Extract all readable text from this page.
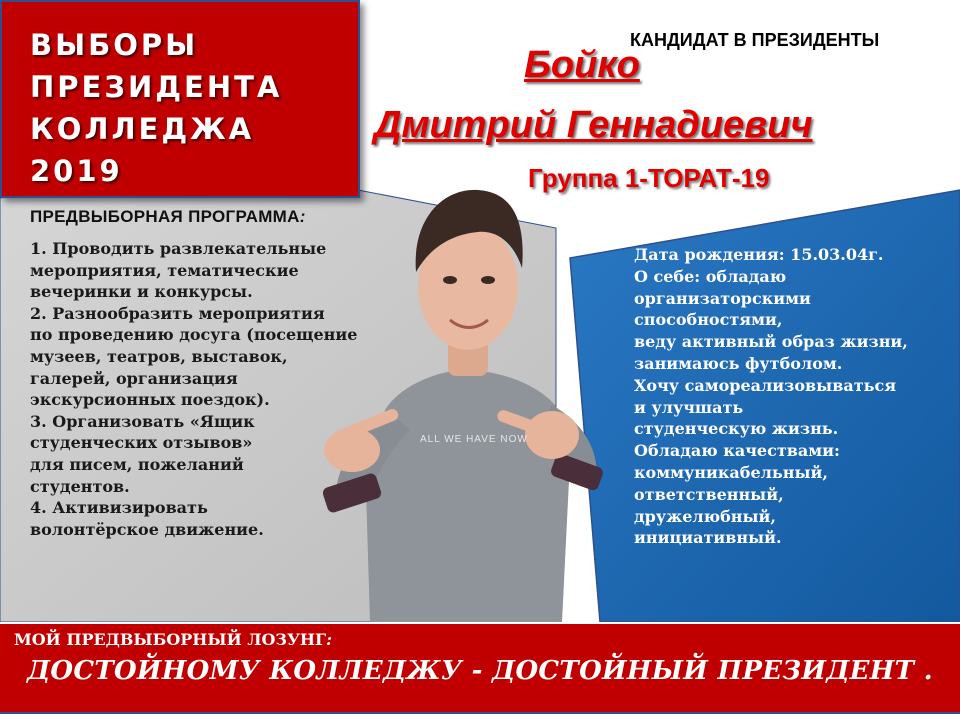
ВЫБОРЫ
ПРЕЗИДЕНТА
КОЛЛЕДЖА
2019
КАНДИДАТ В ПРЕЗИДЕНТЫ
Бойко
Дмитрий Геннадиевич
Группа 1-ТОРАТ-19
ПРЕДВЫБОРНАЯ ПРОГРАММА:
1. Проводить развлекательные
мероприятия, тематические
вечеринки и конкурсы.
2. Разнообразить мероприятия
по проведению досуга (посещение
музеев, театров, выставок,
галерей, организация
экскурсионных поездок).
3. Организовать «Ящик
студенческих отзывов»
для писем, пожеланий
студентов.
4. Активизировать
волонтёрское движение.
Дата рождения: 15.03.04г.
О себе: обладаю
организаторскими
способностями,
веду активный образ жизни,
занимаюсь футболом.
Хочу самореализовываться
и улучшать
студенческую жизнь.
Обладаю качествами:
коммуникабельный,
ответственный,
дружелюбный,
инициативный.
ALL WE HAVE NOW
МОЙ ПРЕДВЫБОРНЫЙ ЛОЗУНГ:
ДОСТОЙНОМУ КОЛЛЕДЖУ - ДОСТОЙНЫЙ ПРЕЗИДЕНТ .
